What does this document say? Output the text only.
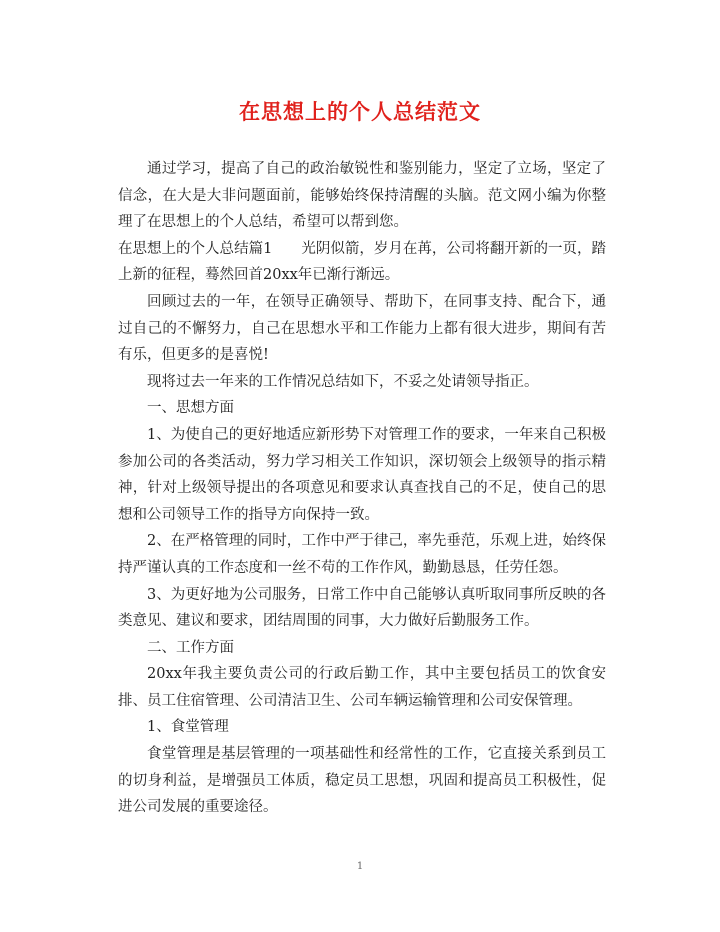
在思想上的个人总结范文

通过学习，提高了自己的政治敏锐性和鉴别能力，坚定了立场，坚定了信念，在大是大非问题面前，能够始终保持清醒的头脑。范文网小编为你整理了在思想上的个人总结，希望可以帮到您。

在思想上的个人总结篇1　　光阴似箭，岁月在苒，公司将翻开新的一页，踏上新的征程，蓦然回首20xx年已渐行渐远。

回顾过去的一年，在领导正确领导、帮助下，在同事支持、配合下，通过自己的不懈努力，自己在思想水平和工作能力上都有很大进步，期间有苦有乐，但更多的是喜悦!

现将过去一年来的工作情况总结如下，不妥之处请领导指正。

一、思想方面

1、为使自己的更好地适应新形势下对管理工作的要求，一年来自己积极参加公司的各类活动，努力学习相关工作知识，深切领会上级领导的指示精神，针对上级领导提出的各项意见和要求认真查找自己的不足，使自己的思想和公司领导工作的指导方向保持一致。

2、在严格管理的同时，工作中严于律己，率先垂范，乐观上进，始终保持严谨认真的工作态度和一丝不苟的工作作风，勤勤恳恳，任劳任怨。

3、为更好地为公司服务，日常工作中自己能够认真听取同事所反映的各类意见、建议和要求，团结周围的同事，大力做好后勤服务工作。

二、工作方面

20xx年我主要负责公司的行政后勤工作，其中主要包括员工的饮食安排、员工住宿管理、公司清洁卫生、公司车辆运输管理和公司安保管理。

1、食堂管理

食堂管理是基层管理的一项基础性和经常性的工作，它直接关系到员工的切身利益，是增强员工体质，稳定员工思想，巩固和提高员工积极性，促进公司发展的重要途径。

1
